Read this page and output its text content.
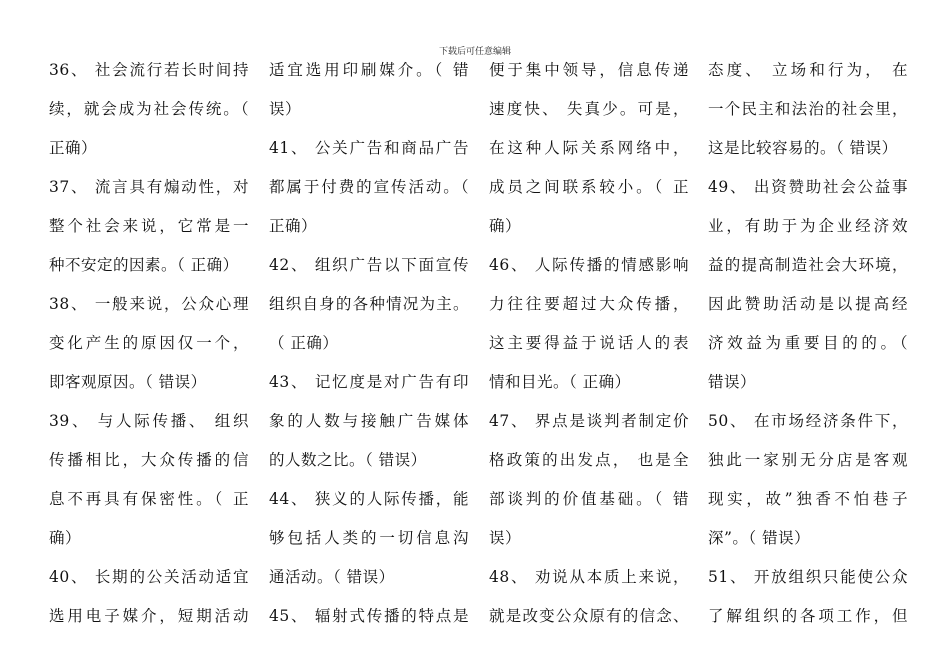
下载后可任意编辑
36、 社会流行若长时间持
续，就会成为社会传统。（
正确）
37、 流言具有煽动性，对
整个社会来说，它常是一
种不安定的因素。（ 正确）
38、 一般来说，公众心理
变化产生的原因仅一个，
即客观原因。（ 错误）
39、 与人际传播、 组织
传播相比，大众传播的信
息不再具有保密性。（ 正
确）
40、 长期的公关活动适宜
选用电子媒介，短期活动
适宜选用印刷媒介。（ 错
误）
41、 公关广告和商品广告
都属于付费的宣传活动。（
正确）
42、 组织广告以下面宣传
组织自身的各种情况为主。
（ 正确）
43、 记忆度是对广告有印
象的人数与接触广告媒体
的人数之比。（ 错误）
44、 狭义的人际传播，能
够包括人类的一切信息沟
通活动。（ 错误）
45、 辐射式传播的特点是
便于集中领导，信息传递
速度快、 失真少。可是，
在这种人际关系网络中，
成员之间联系较小。（ 正
确）
46、 人际传播的情感影响
力往往要超过大众传播，
这主要得益于说话人的表
情和目光。（ 正确）
47、 界点是谈判者制定价
格政策的出发点， 也是全
部谈判的价值基础。（ 错
误）
48、 劝说从本质上来说，
就是改变公众原有的信念、
态度、 立场和行为， 在
一个民主和法治的社会里，
这是比较容易的。（ 错误）
49、 出资赞助社会公益事
业，有助于为企业经济效
益的提高制造社会大环境，
因此赞助活动是以提高经
济效益为重要目的的。（
错误）
50、 在市场经济条件下，
独此一家别无分店是客观
现实，故”独香不怕巷子
深”。（ 错误）
51、 开放组织只能使公众
了解组织的各项工作，但
